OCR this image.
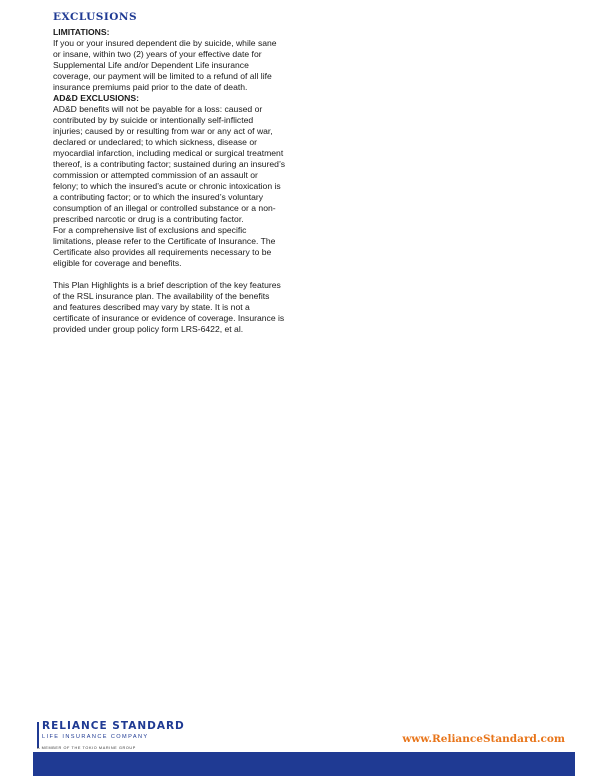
EXCLUSIONS
LIMITATIONS:

If you or your insured dependent die by suicide, while sane or insane, within two (2) years of your effective date for Supplemental Life and/or Dependent Life insurance coverage, our payment will be limited to a refund of all life insurance premiums paid prior to the date of death.

AD&D EXCLUSIONS:

AD&D benefits will not be payable for a loss: caused or contributed by by suicide or intentionally self-inflicted injuries; caused by or resulting from war or any act of war, declared or undeclared; to which sickness, disease or myocardial infarction, including medical or surgical treatment thereof, is a contributing factor; sustained during an insured’s commission or attempted commission of an assault or felony; to which the insured’s acute or chronic intoxication is a contributing factor; or to which the insured’s voluntary consumption of an illegal or controlled substance or a non-prescribed narcotic or drug is a contributing factor.

For a comprehensive list of exclusions and specific limitations, please refer to the Certificate of Insurance. The Certificate also provides all requirements necessary to be eligible for coverage and benefits.

This Plan Highlights is a brief description of the key features of the RSL insurance plan. The availability of the benefits and features described may vary by state. It is not a certificate of insurance or evidence of coverage. Insurance is provided under group policy form LRS-6422, et al.

RELIANCE STANDARD
LIFE INSURANCE COMPANY
A MEMBER OF THE TOKIO MARINE GROUP
www.RelianceStandard.com
